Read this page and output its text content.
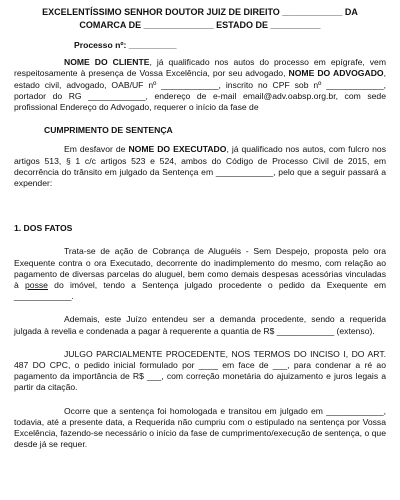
EXCELENTÍSSIMO SENHOR DOUTOR JUIZ DE DIREITO ____________ DA

COMARCA DE ______________ ESTADO DE __________

Processo nº: __________

NOME DO CLIENTE, já qualificado nos autos do processo em epígrafe, vem respeitosamente à presença de Vossa Excelência, por seu advogado, NOME DO ADVOGADO, estado civil, advogado, OAB/UF nº ____________, inscrito no CPF sob nº ____________, portador do RG ____________, endereço de e-mail email@adv.oabsp.org.br, com sede profissional Endereço do Advogado, requerer o início da fase de

CUMPRIMENTO DE SENTENÇA

Em desfavor de NOME DO EXECUTADO, já qualificado nos autos, com fulcro nos artigos 513, § 1 c/c artigos 523 e 524, ambos do Código de Processo Civil de 2015, em decorrência do trânsito em julgado da Sentença em ____________, pelo que a seguir passará a expender:

1. DOS FATOS

Trata-se de ação de Cobrança de Aluguéis - Sem Despejo, proposta pelo ora Exequente contra o ora Executado, decorrente do inadimplemento do mesmo, com relação ao pagamento de diversas parcelas do aluguel, bem como demais despesas acessórias vinculadas à posse do imóvel, tendo a Sentença julgado procedente o pedido da Exequente em ____________.

Ademais, este Juízo entendeu ser a demanda procedente, sendo a requerida julgada à revelia e condenada a pagar à requerente a quantia de R$ ____________ (extenso).

JULGO PARCIALMENTE PROCEDENTE, NOS TERMOS DO INCISO I, DO ART. 487 DO CPC, o pedido inicial formulado por ____ em face de ___, para condenar a ré ao pagamento da importância de R$ ___, com correção monetária do ajuizamento e juros legais a partir da citação.

Ocorre que a sentença foi homologada e transitou em julgado em ____________, todavia, até a presente data, a Requerida não cumpriu com o estipulado na sentença por Vossa Excelência, fazendo-se necessário o início da fase de cumprimento/execução de sentença, o que desde já se requer.
